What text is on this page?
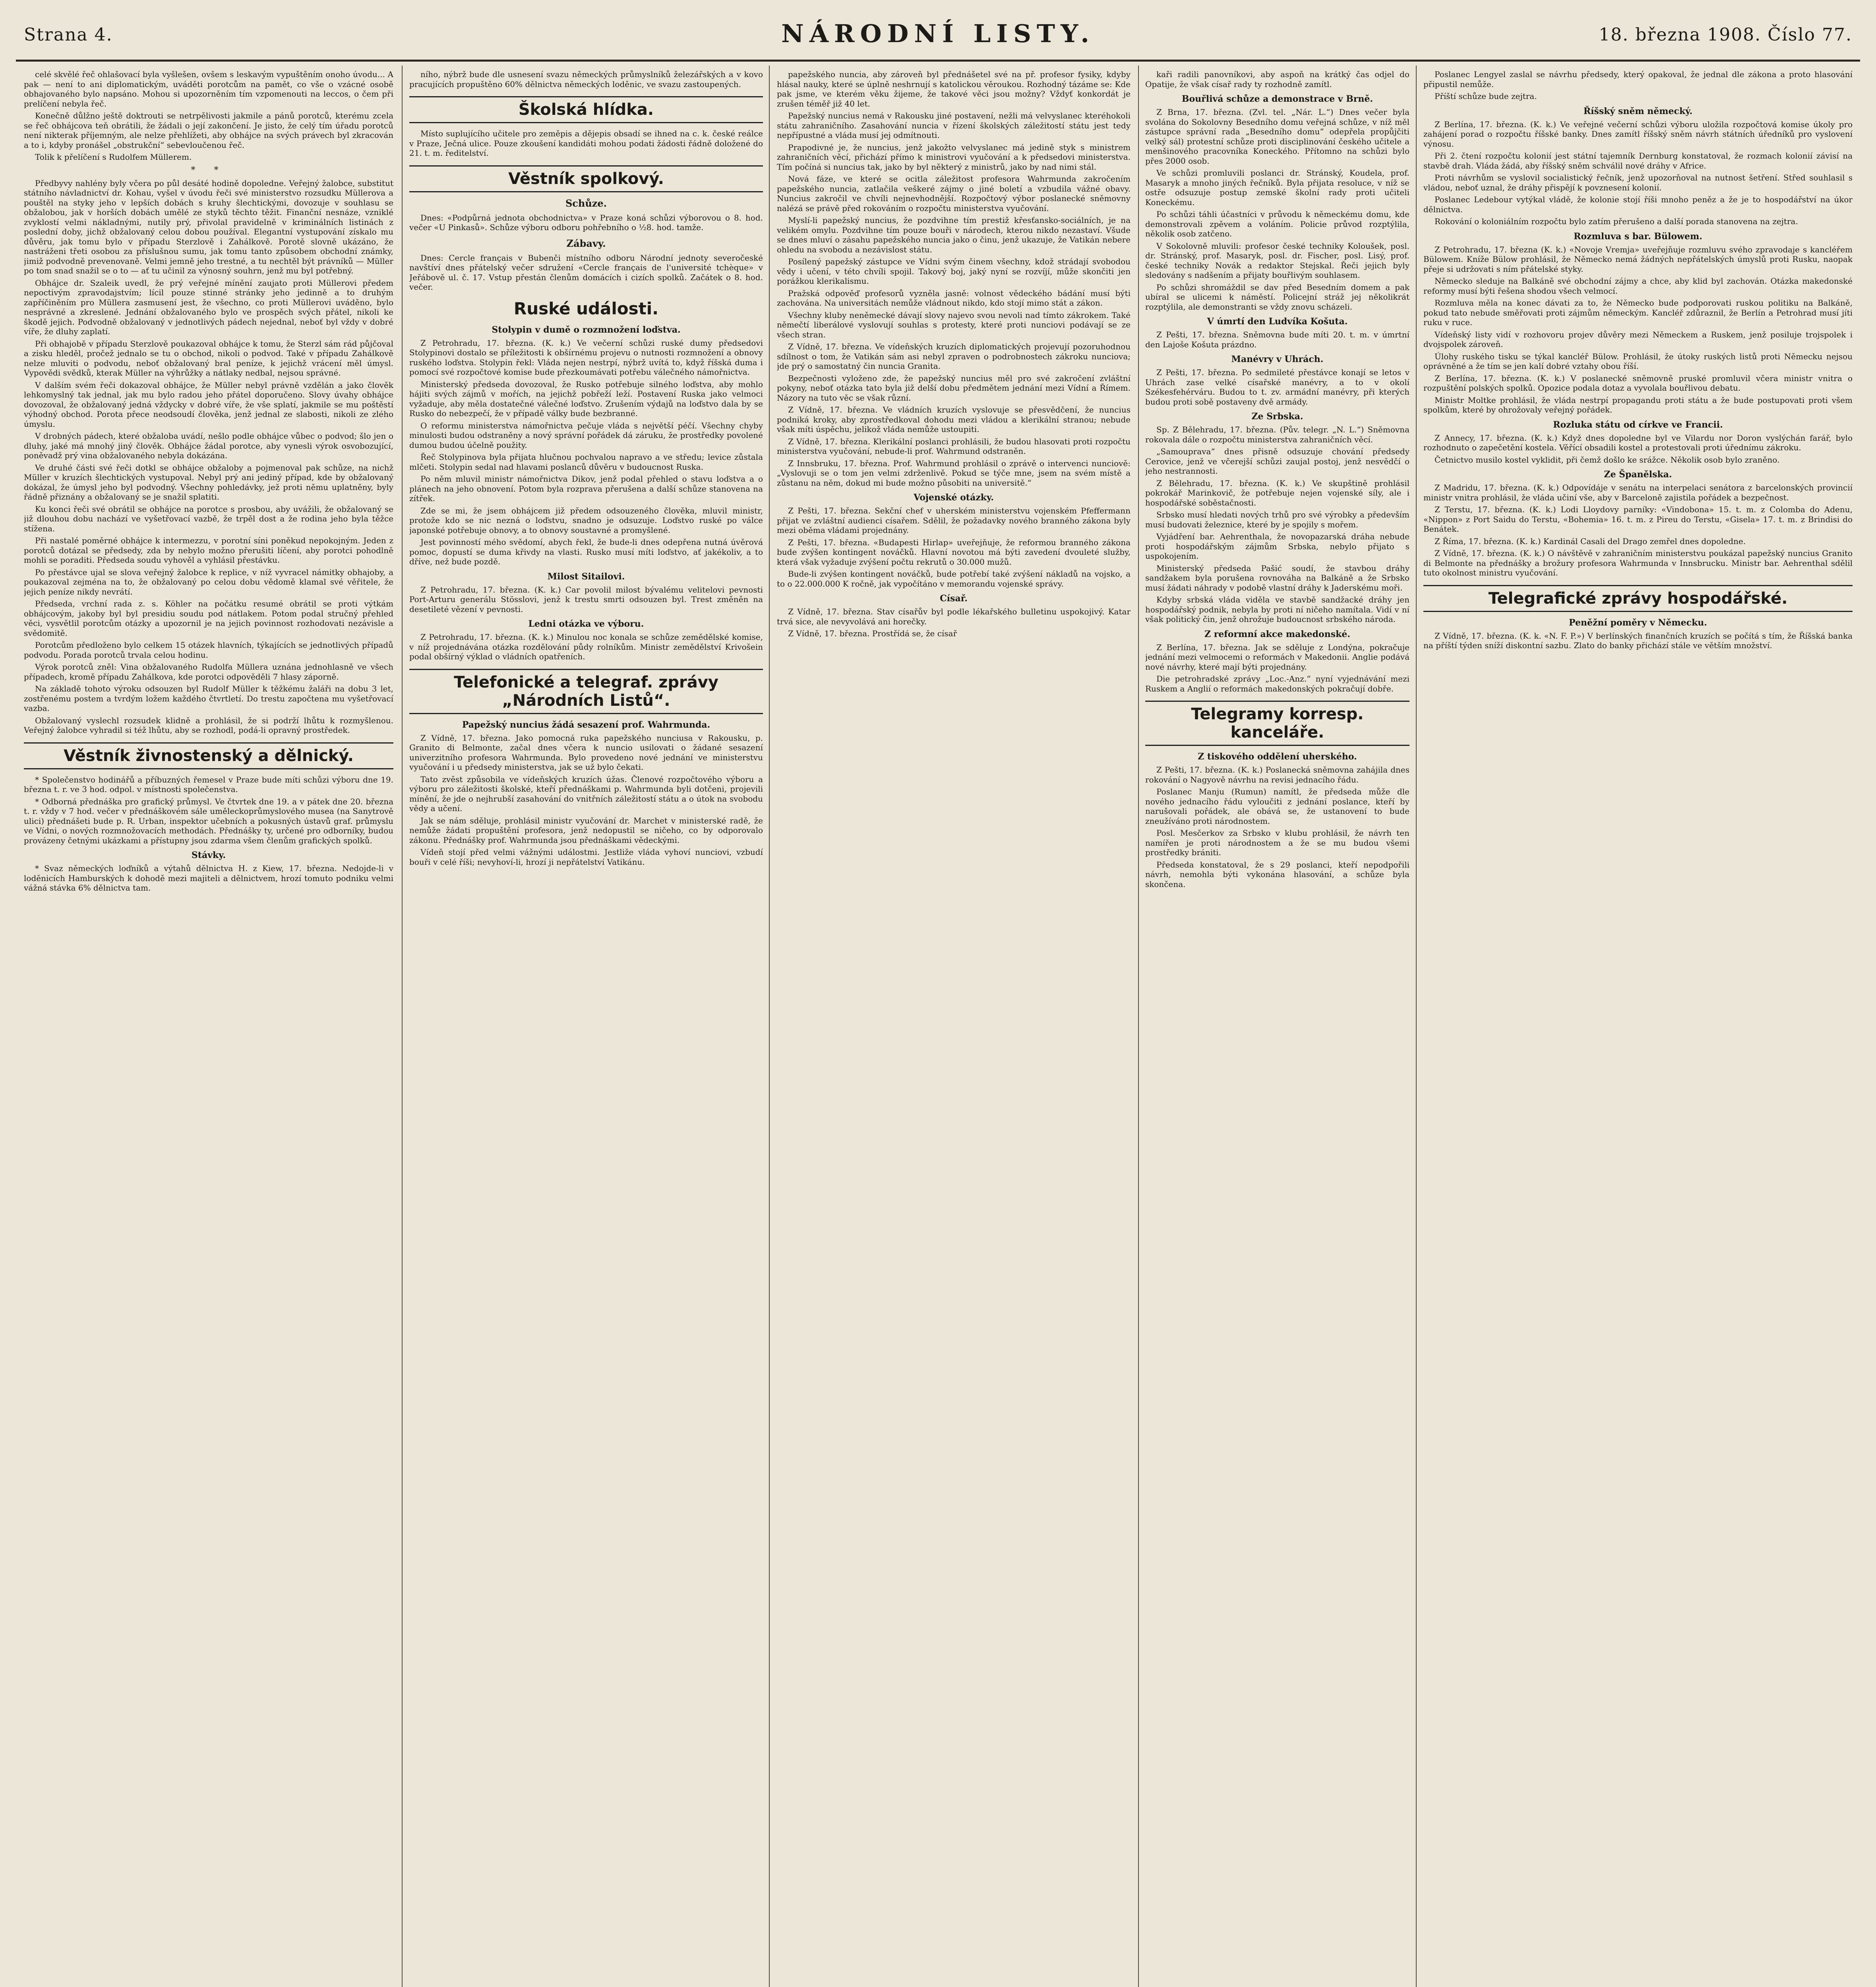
Strana 4.	NÁRODNÍ LISTY.	18. března 1908. Číslo 77.

celé skvělé řeč ohlašovací byla vyšlešen, ovšem s leskavým vypuštěním onoho úvodu... A pak — není to ani diplomatickým, uváděti porotcům na pamět, co vše o vzácné osobě obhajovaného bylo napsáno. Mohou si upozorněním tím vzpomenouti na leccos, o čem při prelíčení nebyla řeč.

Konečně důlžno ještě doktrouti se netrpělivosti jakmile a pánů porotců, kterému zcela se řeč obhájcova teň obrátili, že žádali o její zakončení. Je jisto, že celý tím úřadu porotců není nikterak příjemným, ale nelze přehlížeti, aby obhájce na svých právech byl zkracován a to i, kdyby pronášel „obstrukční“ sebevloučenou řeč.

Tolik k přelíčení s Rudolfem Müllerem.

* *

Předbyvy nahlény byly včera po půl desáté hodině dopoledne. Veřejný žalobce, substitut státního návladnictví dr. Kohau, vyšel v úvodu řeči své ministerstvo rozsudku Müllerova a pouštěl na styky jeho v lepších dobách s kruhy šlechtickými, dovozuje v souhlasu se obžalobou, jak v horších dobách umělé ze styků těchto těžit. Finanční nesnáze, vzniklé zvyklostí velmi nákladnými, nutily prý, přivolal pravidelně v kriminálních listinách z poslední doby, jichž obžalovaný celou dobou používal. Elegantní vystupování získalo mu důvěru, jak tomu bylo v případu Sterzlově i Zahálkově. Porotě slovně ukázáno, že nastráženi třeti osobou za příslušnou sumu, jak tomu tanto způsobem obchodní známky, jimiž podvodně prevenovaně. Velmi jemně jeho trestné, a tu nechtěl být právníků — Müller po tom snad snažil se o to — ať tu učinil za výnosný souhrn, jenž mu byl potřebný.

Obhájce dr. Szaleik uvedl, že prý veřejné mínění zaujato proti Müllerovi předem nepoctivým zpravodajstvím; lícil pouze stinné stránky jeho jedinně a to druhým zapříčiněním pro Müllera zasmusení jest, že všechno, co proti Müllerovi uváděno, bylo nesprávné a zkreslené. Jednání obžalovaného bylo ve prospěch svých přátel, nikoli ke škodě jejich. Podvodně obžalovaný v jednotlivých pádech nejednal, neboť byl vždy v dobré víře, že dluhy zaplatí.

Při obhajobě v případu Sterzlově poukazoval obhájce k tomu, že Sterzl sám rád půjčoval a zisku hleděl, pročež jednalo se tu o obchod, nikoli o podvod. Také v případu Zahálkově nelze mluviti o podvodu, neboť obžalovaný bral peníze, k jejichž vrácení měl úmysl. Vypovědi svědků, kterak Müller na výhrůžky a nátlaky nedbal, nejsou správné.

V dalším svém řeči dokazoval obhájce, že Müller nebyl právně vzdělán a jako člověk lehkomyslný tak jednal, jak mu bylo radou jeho přátel doporučeno. Slovy úvahy obhájce dovozoval, že obžalovaný jedná vždycky v dobré víře, že vše splatí, jakmile se mu poštěstí výhodný obchod. Porota přece neodsoudí člověka, jenž jednal ze slabosti, nikoli ze zlého úmyslu.

V drobných pádech, které obžaloba uvádí, nešlo podle obhájce vůbec o podvod; šlo jen o dluhy, jaké má mnohý jiný člověk. Obhájce žádal porotce, aby vynesli výrok osvobozující, poněvadž prý vina obžalovaného nebyla dokázána.

Ve druhé části své řeči dotkl se obhájce obžaloby a pojmenoval pak schůze, na nichž Müller v kruzích šlechtických vystupoval. Nebyl prý ani jediný případ, kde by obžalovaný dokázal, že úmysl jeho byl podvodný. Všechny pohledávky, jež proti němu uplatněny, byly řádně přiznány a obžalovaný se je snažil splatiti.

Ku konci řeči své obrátil se obhájce na porotce s prosbou, aby uvážili, že obžalovaný se již dlouhou dobu nachází ve vyšetřovací vazbě, že trpěl dost a že rodina jeho byla těžce stížena.

Při nastalé poměrné obhájce k intermezzu, v porotní síni poněkud nepokojným. Jeden z porotců dotázal se předsedy, zda by nebylo možno přerušiti líčení, aby porotci pohodlně mohli se poraditi. Předseda soudu vyhověl a vyhlásil přestávku.

Po přestávce ujal se slova veřejný žalobce k replice, v níž vyvracel námitky obhajoby, a poukazoval zejména na to, že obžalovaný po celou dobu vědomě klamal své věřitele, že jejich peníze nikdy nevrátí.

Předseda, vrchní rada z. s. Köhler na počátku resumé obrátil se proti výtkám obhájcovým, jakoby byl byl presidiu soudu pod nátlakem. Potom podal stručný přehled věci, vysvětlil porotcům otázky a upozornil je na jejich povinnost rozhodovati nezávisle a svědomitě.

Porotcům předloženo bylo celkem 15 otázek hlavních, týkajících se jednotlivých případů podvodu. Porada porotců trvala celou hodinu.

Výrok porotců zněl: Vina obžalovaného Rudolfa Müllera uznána jednohlasně ve všech případech, kromě případu Zahálkova, kde porotci odpověděli 7 hlasy záporně.

Na základě tohoto výroku odsouzen byl Rudolf Müller k těžkému žaláři na dobu 3 let, zostřenému postem a tvrdým ložem každého čtvrtletí. Do trestu započtena mu vyšetřovací vazba.

Obžalovaný vyslechl rozsudek klidně a prohlásil, že si podrží lhůtu k rozmyšlenou. Veřejný žalobce vyhradil si též lhůtu, aby se rozhodl, podá-li opravný prostředek.

Věstník živnostenský a dělnický.

* Společenstvo hodinářů a příbuzných řemesel v Praze bude míti schůzi výboru dne 19. března t. r. ve 3 hod. odpol. v místnosti společenstva.

* Odborná přednáška pro grafický průmysl. Ve čtvrtek dne 19. a v pátek dne 20. března t. r. vždy v 7 hod. večer v přednáškovém sále uměleckoprůmyslového musea (na Sanytrově ulici) přednášeti bude p. R. Urban, inspektor učebních a pokusných ústavů graf. průmyslu ve Vídni, o nových rozmnožovacích methodách. Přednášky ty, určené pro odborníky, budou provázeny četnými ukázkami a přístupny jsou zdarma všem členům grafických spolků.

Stávky.

* Svaz německých loďníků a výtahů dělnictva H. z Kiew, 17. března. Nedojde-li v loděnicích Hamburských k dohodě mezi majiteli a dělnictvem, hrozí tomuto podniku velmi vážná stávka 6% dělnictva tam.

ního, nýbrž bude dle usnesení svazu německých průmyslníků železářských a v kovo pracujících propuštěno 60% dělnictva německých loděnic, ve svazu zastoupených.

Školská hlídka.

Místo suplujícího učitele pro zeměpis a dějepis obsadí se ihned na c. k. české reálce v Praze, Ječná ulice. Pouze zkoušení kandidáti mohou podati žádosti řádně doložené do 21. t. m. ředitelství.

Věstník spolkový.
Schůze.

Dnes: «Podpůrná jednota obchodnictva» v Praze koná schůzi výborovou o 8. hod. večer «U Pinkasů». Schůze výboru odboru pohřebního o ½8. hod. tamže.

Zábavy.

Dnes: Cercle français v Bubenči místního odboru Národní jednoty severočeské navštíví dnes přátelský večer sdružení «Cercle français de l'université tchèque» v Jeřábově ul. č. 17. Vstup přestán členům domácích i cizích spolků. Začátek o 8. hod. večer.

Ruské události.
Stolypin v dumě o rozmnožení loďstva.

Z Petrohradu, 17. března. (K. k.) Ve večerní schůzi ruské dumy předsedovi Stolypinovi dostalo se příležitosti k obšírnému projevu o nutnosti rozmnožení a obnovy ruského loďstva. Stolypin řekl: Vláda nejen nestrpí, nýbrž uvítá to, když říšská duma i pomocí své rozpočtové komise bude přezkoumávati potřebu válečného námořnictva.

Ministerský předseda dovozoval, že Rusko potřebuje silného loďstva, aby mohlo hájiti svých zájmů v mořích, na jejichž pobřeží leží. Postavení Ruska jako velmoci vyžaduje, aby měla dostatečné válečné loďstvo. Zrušením výdajů na loďstvo dala by se Rusko do nebezpečí, že v případě války bude bezbranné.

O reformu ministerstva námořnictva pečuje vláda s největší péčí. Všechny chyby minulosti budou odstraněny a nový správní pořádek dá záruku, že prostředky povolené dumou budou účelně použity.

Řeč Stolypinova byla přijata hlučnou pochvalou napravo a ve středu; levice zůstala mlčeti. Stolypin sedal nad hlavami poslanců důvěru v budoucnost Ruska.

Po něm mluvil ministr námořnictva Dikov, jenž podal přehled o stavu loďstva a o plánech na jeho obnovení. Potom byla rozprava přerušena a další schůze stanovena na zítřek.

Zde se mi, že jsem obhájcem již předem odsouzeného člověka, mluvil ministr, protože kdo se nic nezná o loďstvu, snadno je odsuzuje. Loďstvo ruské po válce japonské potřebuje obnovy, a to obnovy soustavné a promyšlené.

Jest povinností mého svědomí, abych řekl, že bude-li dnes odepřena nutná úvěrová pomoc, dopustí se duma křivdy na vlasti. Rusko musí míti loďstvo, ať jakékoliv, a to dříve, než bude pozdě.

Milost Sitailovi.

Z Petrohradu, 17. března. (K. k.) Car povolil milost bývalému velitelovi pevnosti Port-Arturu generálu Stösslovi, jenž k trestu smrti odsouzen byl. Trest změněn na desetileté vězení v pevnosti.

Ledni otázka ve výboru.

Z Petrohradu, 17. března. (K. k.) Minulou noc konala se schůze zemědělské komise, v níž projednávána otázka rozdělování půdy rolníkům. Ministr zemědělství Krivošein podal obšírný výklad o vládních opatřeních.

Telefonické a telegraf. zprávy „Národních Listů“.
Papežský nuncius žádá sesazení prof. Wahrmunda.

Z Vídně, 17. března. Jako pomocná ruka papežského nunciusa v Rakousku, p. Granito di Belmonte, začal dnes včera k nuncio usilovati o žádané sesazení univerzitního profesora Wahrmunda. Bylo provedeno nové jednání ve ministerstvu vyučování i u předsedy ministerstva, jak se už bylo čekati.

Tato zvěst způsobila ve vídeňských kruzích úžas. Členové rozpočtového výboru a výboru pro záležitosti školské, kteří přednáškami p. Wahrmunda byli dotčeni, projevili mínění, že jde o nejhrubší zasahování do vnitřních záležitostí státu a o útok na svobodu vědy a učení.

Jak se nám sděluje, prohlásil ministr vyučování dr. Marchet v ministerské radě, že nemůže žádati propuštění profesora, jenž nedopustil se ničeho, co by odporovalo zákonu. Přednášky prof. Wahrmunda jsou přednáškami vědeckými.

Vídeň stojí před velmi vážnými událostmi. Jestliže vláda vyhoví nunciovi, vzbudí bouři v celé říši; nevyhoví-li, hrozí ji nepřátelství Vatikánu.

papežského nuncia, aby zároveň byl přednášetel své na př. profesor fysiky, kdyby hlásal nauky, které se úplně neshrnují s katolickou věroukou. Rozhodný tázáme se: Kde pak jsme, ve kterém věku žijeme, že takové věci jsou možny? Vždyť konkordát je zrušen téměř již 40 let.

Papežský nuncius nemá v Rakousku jiné postavení, nežli má velvyslanec kteréhokoli státu zahraničního. Zasahování nuncia v řízení školských záležitostí státu jest tedy nepřípustné a vláda musí jej odmítnouti.

Prapodivné je, že nuncius, jenž jakožto velvyslanec má jedině styk s ministrem zahraničních věcí, přichází přímo k ministrovi vyučování a k předsedovi ministerstva. Tím počíná si nuncius tak, jako by byl některý z ministrů, jako by nad nimi stál.

Nová fáze, ve které se ocitla záležitost profesora Wahrmunda zakročením papežského nuncia, zatlačila veškeré zájmy o jiné boletí a vzbudila vážné obavy. Nuncius zakročil ve chvíli nejnevhodnější. Rozpočtový výbor poslanecké sněmovny nalézá se právě před rokováním o rozpočtu ministerstva vyučování.

Myslí-li papežský nuncius, že pozdvihne tím prestiž křesťansko-sociálních, je na velikém omylu. Pozdvihne tím pouze bouři v národech, kterou nikdo nezastaví. Všude se dnes mluví o zásahu papežského nuncia jako o činu, jenž ukazuje, že Vatikán nebere ohledu na svobodu a nezávislost státu.

Posílený papežský zástupce ve Vídni svým činem všechny, kdož strádají svobodou vědy i učení, v této chvíli spojil. Takový boj, jaký nyní se rozvíjí, může skončiti jen porážkou klerikalismu.

Pražská odpověď profesorů vyzněla jasně: volnost vědeckého bádání musí býti zachována. Na universitách nemůže vládnout nikdo, kdo stojí mimo stát a zákon.

Všechny kluby neněmecké dávají slovy najevo svou nevoli nad tímto zákrokem. Také němečtí liberálové vyslovují souhlas s protesty, které proti nunciovi podávají se ze všech stran.

Z Vídně, 17. března. Ve vídeňských kruzích diplomatických projevují pozoruhodnou sdílnost o tom, že Vatikán sám asi nebyl zpraven o podrobnostech zákroku nunciova; jde prý o samostatný čin nuncia Granita.

Bezpečnosti vyloženo zde, že papežský nuncius měl pro své zakročení zvláštní pokyny, neboť otázka tato byla již delší dobu předmětem jednání mezi Vídní a Římem. Názory na tuto věc se však různí.

Z Vídně, 17. března. Ve vládních kruzích vyslovuje se přesvědčení, že nuncius podniká kroky, aby zprostředkoval dohodu mezi vládou a klerikální stranou; nebude však míti úspěchu, jelikož vláda nemůže ustoupiti.

Z Vídně, 17. března. Klerikální poslanci prohlásili, že budou hlasovati proti rozpočtu ministerstva vyučování, nebude-li prof. Wahrmund odstraněn.

Z Innsbruku, 17. března. Prof. Wahrmund prohlásil o zprávě o intervenci nunciově: „Vyslovuji se o tom jen velmi zdrženlivě. Pokud se týče mne, jsem na svém místě a zůstanu na něm, dokud mi bude možno působiti na universitě.“

Vojenské otázky.

Z Pešti, 17. března. Sekční chef v uherském ministerstvu vojenském Pfeffermann přijat ve zvláštní audienci císařem. Sdělil, že požadavky nového branného zákona byly mezi oběma vládami projednány.

Z Pešti, 17. března. «Budapesti Hirlap» uveřejňuje, že reformou branného zákona bude zvýšen kontingent nováčků. Hlavní novotou má býti zavedení dvouleté služby, která však vyžaduje zvýšení počtu rekrutů o 30.000 mužů.

Bude-li zvýšen kontingent nováčků, bude potřebí také zvýšení nákladů na vojsko, a to o 22.000.000 K ročně, jak vypočítáno v memorandu vojenské správy.

Císař.

Z Vídně, 17. března. Stav císařův byl podle lékařského bulletinu uspokojivý. Katar trvá sice, ale nevyvolává ani horečky.

Z Vídně, 17. března. Prostřídá se, že císař

kaři radili panovníkovi, aby aspoň na krátký čas odjel do Opatije, že však císař rady ty rozhodně zamítl.

Bouřlivá schůze a demonstrace v Brně.

Z Brna, 17. března. (Zvl. tel. „Nár. L.“) Dnes večer byla svolána do Sokolovny Besedního domu veřejná schůze, v níž měl zástupce správní rada „Besedního domu“ odepřela propůjčiti velký sál) protestní schůze proti disciplinování českého učitele a menšinového pracovníka Koneckého. Přítomno na schůzi bylo přes 2000 osob.

Ve schůzi promluvili poslanci dr. Stránský, Koudela, prof. Masaryk a mnoho jiných řečníků. Byla přijata resoluce, v níž se ostře odsuzuje postup zemské školní rady proti učiteli Koneckému.

Po schůzi táhli účastníci v průvodu k německému domu, kde demonstrovali zpěvem a voláním. Policie průvod rozptýlila, několik osob zatčeno.

V Sokolovně mluvili: profesor české techniky Koloušek, posl. dr. Stránský, prof. Masaryk, posl. dr. Fischer, posl. Lisý, prof. české techniky Novák a redaktor Stejskal. Řeči jejich byly sledovány s nadšením a přijaty bouřlivým souhlasem.

Po schůzi shromáždil se dav před Besedním domem a pak ubíral se ulicemi k náměstí. Policejní stráž jej několikrát rozptýlila, ale demonstranti se vždy znovu scházeli.

V úmrtí den Ludvíka Košuta.

Z Pešti, 17. března. Sněmovna bude míti 20. t. m. v úmrtní den Lajoše Košuta prázdno.

Manévry v Uhrách.

Z Pešti, 17. března. Po sedmileté přestávce konají se letos v Uhrách zase velké císařské manévry, a to v okolí Székesfehérváru. Budou to t. zv. armádní manévry, při kterých budou proti sobě postaveny dvě armády.

Ze Srbska.

Sp. Z Bělehradu, 17. března. (Pův. telegr. „N. L.“) Sněmovna rokovala dále o rozpočtu ministerstva zahraničních věcí.

„Samouprava“ dnes přisně odsuzuje chování předsedy Cerovice, jenž ve včerejší schůzi zaujal postoj, jenž nesvědčí o jeho nestrannosti.

Z Bělehradu, 17. března. (K. k.) Ve skupštině prohlásil pokrokář Marinkovič, že potřebuje nejen vojenské síly, ale i hospodářské soběstačnosti.

Srbsko musí hledati nových trhů pro své výrobky a především musí budovati železnice, které by je spojily s mořem.

Vyjádření bar. Aehrenthala, že novopazarská dráha nebude proti hospodářským zájmům Srbska, nebylo přijato s uspokojením.

Ministerský předseda Pašić soudí, že stavbou dráhy sandžakem byla porušena rovnováha na Balkáně a že Srbsko musí žádati náhrady v podobě vlastní dráhy k Jaderskému moři.

Kdyby srbská vláda viděla ve stavbě sandžacké dráhy jen hospodářský podnik, nebyla by proti ní ničeho namítala. Vidí v ní však politický čin, jenž ohrožuje budoucnost srbského národa.

Z reformní akce makedonské.

Z Berlína, 17. března. Jak se sděluje z Londýna, pokračuje jednání mezi velmocemi o reformách v Makedonii. Anglie podává nové návrhy, které mají býti projednány.

Die petrohradské zprávy „Loc.-Anz.“ nyní vyjednávání mezi Ruskem a Anglií o reformách makedonských pokračují dobře.

Telegramy korresp. kanceláře.
Z tiskového oddělení uherského.

Z Pešti, 17. března. (K. k.) Poslanecká sněmovna zahájila dnes rokování o Nagyově návrhu na revisi jednacího řádu.

Poslanec Manju (Rumun) namítl, že předseda může dle nového jednacího řádu vyloučiti z jednání poslance, kteří by narušovali pořádek, ale obává se, že ustanovení to bude zneužíváno proti národnostem.

Posl. Mesčerkov za Srbsko v klubu prohlásil, že návrh ten namířen je proti národnostem a že se mu budou všemi prostředky brániti.

Předseda konstatoval, že s 29 poslanci, kteří nepodpořili návrh, nemohla býti vykonána hlasování, a schůze byla skončena.

Poslanec Lengyel zaslal se návrhu předsedy, který opakoval, že jednal dle zákona a proto hlasování připustil nemůže.

Příští schůze bude zejtra.

Říšský sněm německý.

Z Berlína, 17. března. (K. k.) Ve veřejné večerní schůzi výboru uložila rozpočtová komise úkoly pro zahájení porad o rozpočtu říšské banky. Dnes zamítl říšský sněm návrh státních úředníků pro vyslovení výnosu.

Při 2. čtení rozpočtu kolonií jest státní tajemník Dernburg konstatoval, že rozmach kolonií závisí na stavbě drah. Vláda žádá, aby říšský sněm schválil nové dráhy v Africe.

Proti návrhům se vyslovil socialistický řečník, jenž upozorňoval na nutnost šetření. Střed souhlasil s vládou, neboť uznal, že dráhy přispějí k povznesení kolonií.

Poslanec Ledebour vytýkal vládě, že kolonie stojí říši mnoho peněz a že je to hospodářství na úkor dělnictva.

Rokování o koloniálním rozpočtu bylo zatím přerušeno a další porada stanovena na zejtra.

Rozmluva s bar. Bülowem.

Z Petrohradu, 17. března (K. k.) «Novoje Vremja» uveřejňuje rozmluvu svého zpravodaje s kancléřem Bülowem. Kníže Bülow prohlásil, že Německo nemá žádných nepřátelských úmyslů proti Rusku, naopak přeje si udržovati s ním přátelské styky.

Německo sleduje na Balkáně své obchodní zájmy a chce, aby klid byl zachován. Otázka makedonské reformy musí býti řešena shodou všech velmocí.

Rozmluva měla na konec dávati za to, že Německo bude podporovati ruskou politiku na Balkáně, pokud tato nebude směřovati proti zájmům německým. Kancléř zdůraznil, že Berlín a Petrohrad musí jíti ruku v ruce.

Vídeňský listy vidí v rozhovoru projev důvěry mezi Německem a Ruskem, jenž posiluje trojspolek i dvojspolek zároveň.

Úlohy ruského tisku se týkal kancléř Bülow. Prohlásil, že útoky ruských listů proti Německu nejsou oprávněné a že tím se jen kalí dobré vztahy obou říší.

Z Berlína, 17. března. (K. k.) V poslanecké sněmovně pruské promluvil včera ministr vnitra o rozpuštění polských spolků. Opozice podala dotaz a vyvolala bouřlivou debatu.

Ministr Moltke prohlásil, že vláda nestrpí propagandu proti státu a že bude postupovati proti všem spolkům, které by ohrožovaly veřejný pořádek.

Rozluka státu od církve ve Francii.

Z Annecy, 17. března. (K. k.) Když dnes dopoledne byl ve Vilardu nor Doron vyslýchán farář, bylo rozhodnuto o zapečetění kostela. Věřící obsadili kostel a protestovali proti úřednímu zákroku.

Četnictvo musilo kostel vyklidit, při čemž došlo ke srážce. Několik osob bylo zraněno.

Ze Španělska.

Z Madridu, 17. března. (K. k.) Odpovídáje v senátu na interpelaci senátora z barcelonských provincií ministr vnitra prohlásil, že vláda učiní vše, aby v Barceloně zajistila pořádek a bezpečnost.

Z Terstu, 17. března. (K. k.) Lodi Lloydovy parníky: «Vindobona» 15. t. m. z Colomba do Adenu, «Nippon» z Port Saidu do Terstu, «Bohemia» 16. t. m. z Pireu do Terstu, «Gisela» 17. t. m. z Brindisi do Benátek.

Z Říma, 17. března. (K. k.) Kardinál Casali del Drago zemřel dnes dopoledne.

Z Vídně, 17. března. (K. k.) O návštěvě v zahraničním ministerstvu poukázal papežský nuncius Granito di Belmonte na přednášky a brožury profesora Wahrmunda v Innsbrucku. Ministr bar. Aehrenthal sdělil tuto okolnost ministru vyučování.

Telegrafické zprávy hospodářské.
Peněžní poměry v Německu.

Z Vídně, 17. března. (K. k. «N. F. P.») V berlínských finančních kruzích se počítá s tím, že Říšská banka na příští týden sníží diskontní sazbu. Zlato do banky přichází stále ve větším množství.
